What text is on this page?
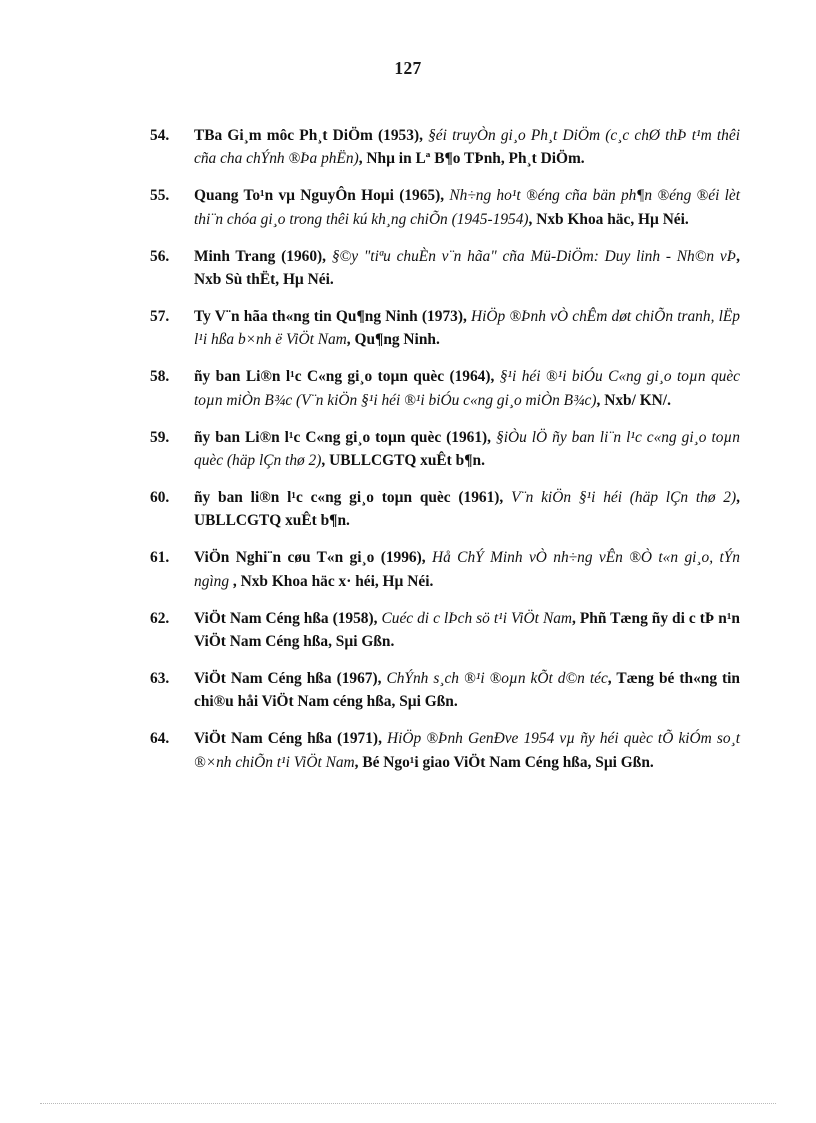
127
54.	TBa Gi¸m môc Ph¸t DiÖm (1953), §éi truyÒn gi¸o Ph¸t DiÖm (c¸c chØ thÞ t¹m thêi cña cha chÝnh ®Þa phËn), Nhµ in Lª B¶o TÞnh, Ph¸t DiÖm.
55.	Quang To¹n vµ NguyÔn Hoµi (1965), Nh÷ng ho¹t ®éng cña bän ph¶n ®éng ®éi lèt thi¨n chóa gi¸o trong thêi kú kh¸ng chiÕn (1945-1954), Nxb Khoa häc, Hµ Néi.
56.	Minh Trang (1960), §©y "tiªu chuÈn v¨n hãa" cña Mü-DiÖm: Duy linh - Nh©n vÞ, Nxb Sù thËt, Hµ Néi.
57.	Ty V¨n hãa th«ng tin Qu¶ng Ninh (1973), HiÖp ®Þnh vÒ chÊm døt chiÕn tranh, lËp l¹i hßa b×nh ë ViÖt Nam, Qu¶ng Ninh.
58.	ñy ban Li®n l¹c C«ng gi¸o toµn quèc (1964), §¹i héi ®¹i biÓu C«ng gi¸o toµn quèc toµn miÒn B¾c (V¨n kiÖn §¹i héi ®¹i biÓu c«ng gi¸o miÒn B¾c), Nxb/ KN/.
59.	ñy ban Li®n l¹c C«ng gi¸o toµn quèc (1961), §iÒu lÖ ñy ban li¨n l¹c c«ng gi¸o toµn quèc (häp lÇn thø 2), UBLLCGTQ xuÊt b¶n.
60.	ñy ban li®n l¹c c«ng gi¸o toµn quèc (1961), V¨n kiÖn §¹i héi (häp lÇn thø 2), UBLLCGTQ xuÊt b¶n.
61.	ViÖn Nghi¨n cøu T«n gi¸o (1996), Hå ChÝ Minh vÒ nh÷ng vÊn ®Ò t«n gi¸o, tÝn ngìng , Nxb Khoa häc x· héi, Hµ Néi.
62.	ViÖt Nam Céng hßa (1958), Cuéc di c lÞch sö t¹i ViÖt Nam, Phñ Tæng ñy di c tÞ n¹n ViÖt Nam Céng hßa, Sµi Gßn.
63.	ViÖt Nam Céng hßa (1967), ChÝnh s¸ch ®¹i ®oµn kÕt d©n téc, Tæng bé th«ng tin chi®u håi ViÖt Nam céng hßa, Sµi Gßn.
64.	ViÖt Nam Céng hßa (1971), HiÖp ®Þnh GenÐve 1954 vµ ñy héi quèc tÕ kiÓm so¸t ®×nh chiÕn t¹i ViÖt Nam, Bé Ngo¹i giao ViÖt Nam Céng hßa, Sµi Gßn.
